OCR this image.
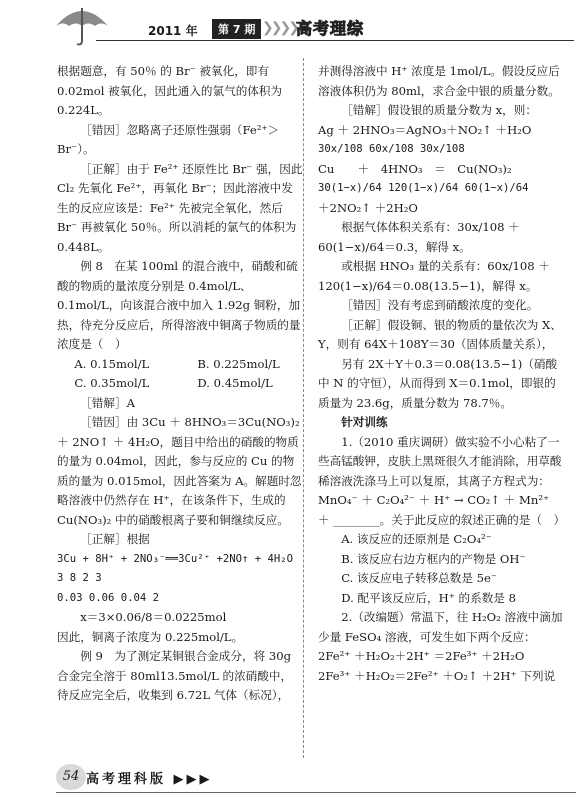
2011 年	第 7 期 ❯❯❯❯ 高考理综

根据题意，有 50％ 的 Br⁻ 被氧化，即有 0.02mol 被氧化，因此通入的氯气的体积为 0.224L。

［错因］忽略离子还原性强弱（Fe²⁺＞Br⁻）。

［正解］由于 Fe²⁺ 还原性比 Br⁻ 强，因此 Cl₂ 先氧化 Fe²⁺，再氧化 Br⁻；因此溶液中发生的反应应该是：Fe²⁺ 先被完全氧化，然后 Br⁻ 再被氧化 50％。所以消耗的氯气的体积为 0.448L。

例 8　在某 100ml 的混合液中，硝酸和硫酸的物质的量浓度分别是 0.4mol/L、0.1mol/L，向该混合液中加入 1.92g 铜粉，加热，待充分反应后，所得溶液中铜离子物质的量浓度是（　）

A. 0.15mol/L	B. 0.225mol/L

C. 0.35mol/L	D. 0.45mol/L

［错解］A

［错因］由 3Cu ＋ 8HNO₃＝3Cu(NO₃)₂ ＋ 2NO↑ ＋ 4H₂O，题目中给出的硝酸的物质的量为 0.04mol，因此，参与反应的 Cu 的物质的量为 0.015mol，因此答案为 A。解题时忽略溶液中仍然存在 H⁺，在该条件下，生成的 Cu(NO₃)₂ 中的硝酸根离子要和铜继续反应。

［正解］根据

3Cu + 8H⁺ + 2NO₃⁻══3Cu²⁺ +2NO↑ + 4H₂O

3 8 2 3

0.03 0.06 0.04 2

x＝3×0.06/8＝0.0225mol

因此，铜离子浓度为 0.225mol/L。

例 9　为了测定某铜银合金成分，将 30g 合金完全溶于 80ml13.5mol/L 的浓硝酸中，待反应完全后，收集到 6.72L 气体（标况），

并测得溶液中 H⁺ 浓度是 1mol/L。假设反应后溶液体积仍为 80ml，求合金中银的质量分数。

［错解］假设银的质量分数为 x，则：

Ag ＋ 2HNO₃＝AgNO₃＋NO₂↑ ＋H₂O

30x/108 60x/108 30x/108

Cu　　＋　4HNO₃　＝　Cu(NO₃)₂

30(1−x)/64 120(1−x)/64 60(1−x)/64

＋2NO₂↑ ＋2H₂O

根据气体体积关系有：30x/108 ＋ 60(1−x)/64＝0.3，解得 x。

或根据 HNO₃ 量的关系有：60x/108 ＋ 120(1−x)/64＝0.08(13.5−1)，解得 x。

［错因］没有考虑到硝酸浓度的变化。

［正解］假设铜、银的物质的量依次为 X、Y，则有 64X＋108Y＝30（固体质量关系），

另有 2X＋Y＋0.3＝0.08(13.5−1)（硝酸中 N 的守恒），从而得到 X＝0.1mol，即银的质量为 23.6g，质量分数为 78.7％。

针对训练

1.（2010 重庆调研）做实验不小心粘了一些高锰酸钾，皮肤上黑斑很久才能消除，用草酸稀溶液洗涤马上可以复原，其离子方程式为：MnO₄⁻ ＋ C₂O₄²⁻ ＋ H⁺ → CO₂↑ ＋ Mn²⁺ ＋ ________。关于此反应的叙述正确的是（　）

A. 该反应的还原剂是 C₂O₄²⁻

B. 该反应右边方框内的产物是 OH⁻

C. 该反应电子转移总数是 5e⁻

D. 配平该反应后，H⁺ 的系数是 8

2.（改编题）常温下，往 H₂O₂ 溶液中滴加少量 FeSO₄ 溶液，可发生如下两个反应：

2Fe²⁺ ＋H₂O₂＋2H⁺ ＝2Fe³⁺ ＋2H₂O

2Fe³⁺ ＋H₂O₂＝2Fe²⁺ ＋O₂↑ ＋2H⁺ 下列说

54 高考理科版 ▶▶▶
